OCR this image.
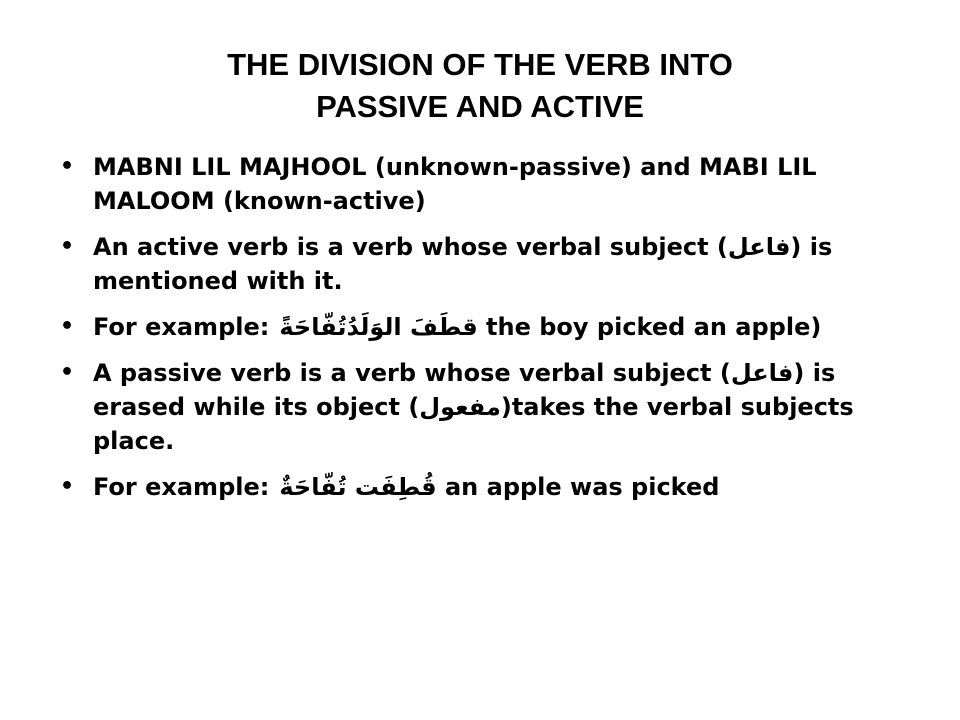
THE DIVISION OF THE VERB INTO
PASSIVE AND ACTIVE
• MABNI LIL MAJHOOL (unknown-passive) and MABI LIL MALOOM (known-active)
• An active verb is a verb whose verbal subject (فاعل) is mentioned with it.
• For example: قطَفَ الوَلَدُتُفّاحَةً the boy picked an apple)
• A passive verb is a verb whose verbal subject (فاعل) is erased while its object (مفعول)takes the verbal subjects place.
• For example: قُطِفَت تُفّاحَةٌ an apple was picked
